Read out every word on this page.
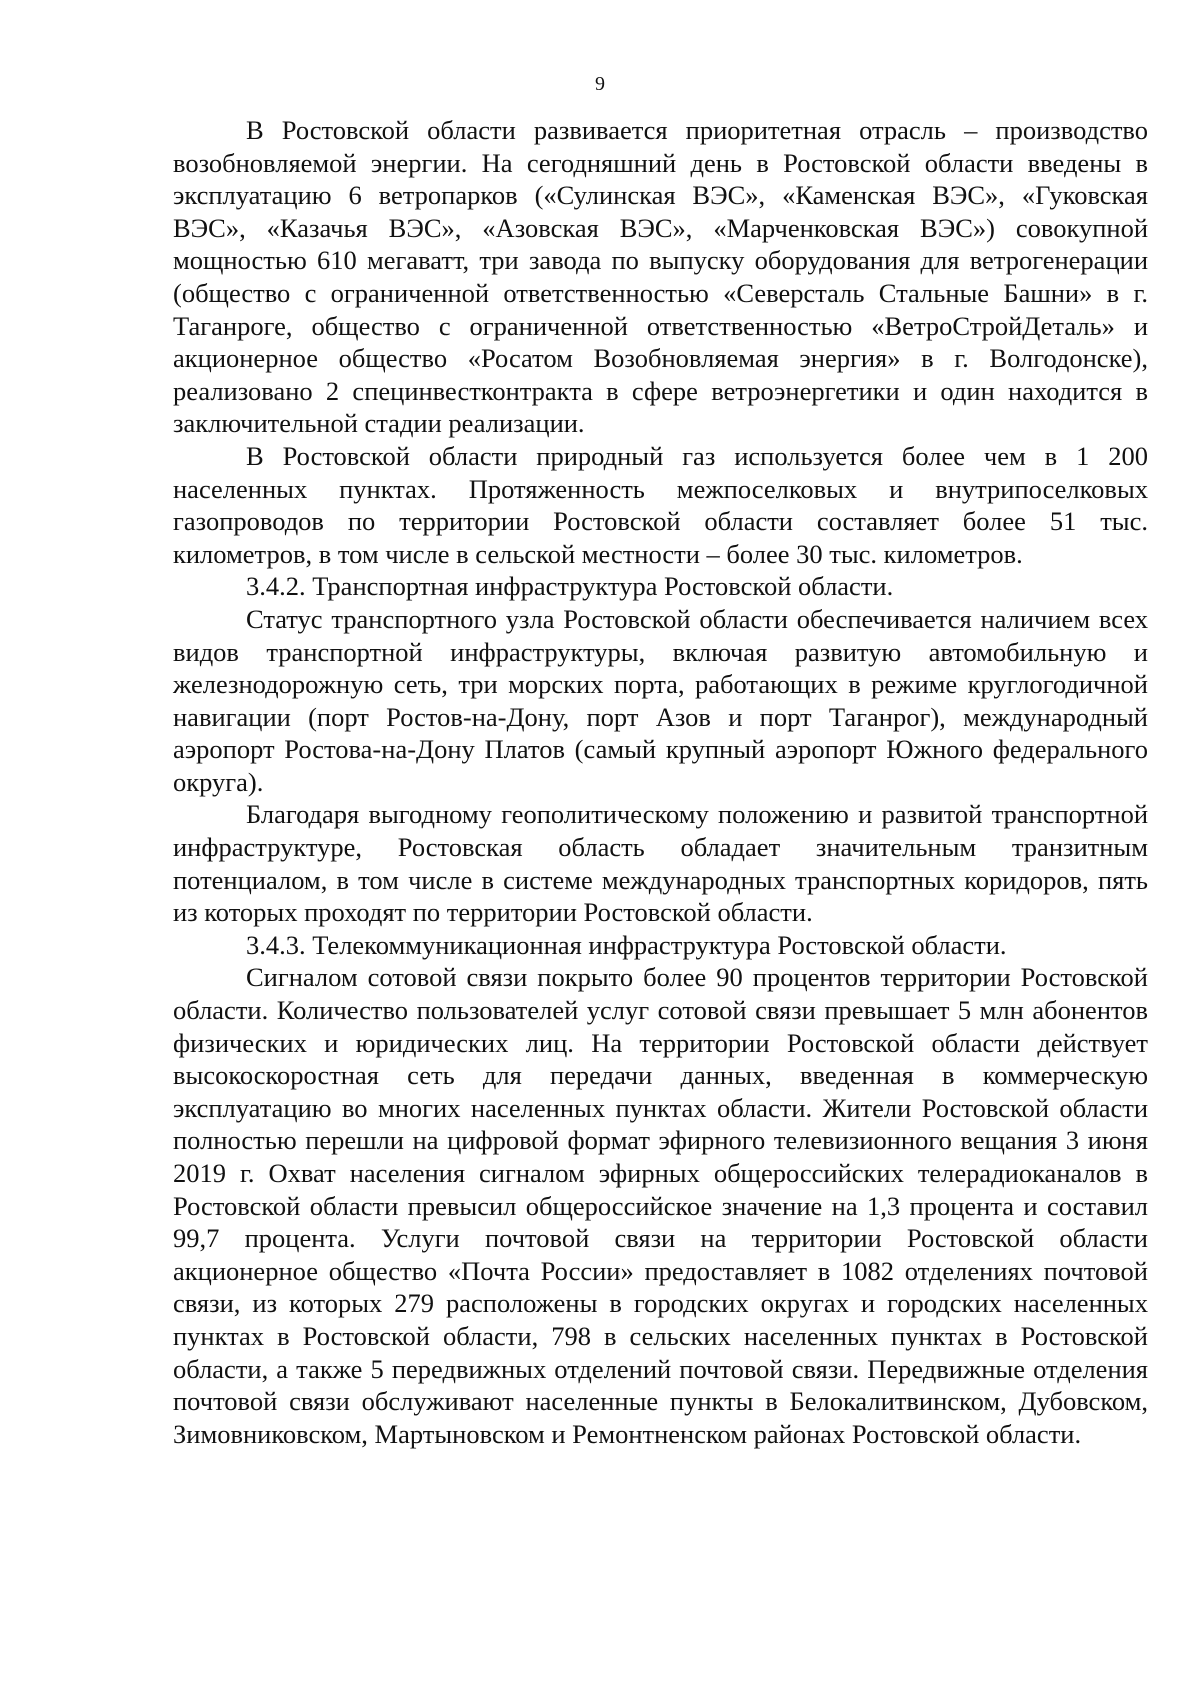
9

В Ростовской области развивается приоритетная отрасль – производство возобновляемой энергии. На сегодняшний день в Ростовской области введены в эксплуатацию 6 ветропарков («Сулинская ВЭС», «Каменская ВЭС», «Гуковская ВЭС», «Казачья ВЭС», «Азовская ВЭС», «Марченковская ВЭС») совокупной мощностью 610 мегаватт, три завода по выпуску оборудования для ветрогенерации (общество с ограниченной ответственностью «Северсталь Стальные Башни» в г. Таганроге, общество с ограниченной ответственностью «ВетроСтройДеталь» и акционерное общество «Росатом Возобновляемая энергия» в г. Волгодонске), реализовано 2 специнвестконтракта в сфере ветроэнергетики и один находится в заключительной стадии реализации.

В Ростовской области природный газ используется более чем в 1 200 населенных пунктах. Протяженность межпоселковых и внутрипоселковых газопроводов по территории Ростовской области составляет более 51 тыс. километров, в том числе в сельской местности – более 30 тыс. километров.

3.4.2. Транспортная инфраструктура Ростовской области.

Статус транспортного узла Ростовской области обеспечивается наличием всех видов транспортной инфраструктуры, включая развитую автомобильную и железнодорожную сеть, три морских порта, работающих в режиме круглогодичной навигации (порт Ростов-на-Дону, порт Азов и порт Таганрог), международный аэропорт Ростова-на-Дону Платов (самый крупный аэропорт Южного федерального округа).

Благодаря выгодному геополитическому положению и развитой транспортной инфраструктуре, Ростовская область обладает значительным транзитным потенциалом, в том числе в системе международных транспортных коридоров, пять из которых проходят по территории Ростовской области.

3.4.3. Телекоммуникационная инфраструктура Ростовской области.

Сигналом сотовой связи покрыто более 90 процентов территории Ростовской области. Количество пользователей услуг сотовой связи превышает 5 млн абонентов физических и юридических лиц. На территории Ростовской области действует высокоскоростная сеть для передачи данных, введенная в коммерческую эксплуатацию во многих населенных пунктах области. Жители Ростовской области полностью перешли на цифровой формат эфирного телевизионного вещания 3 июня 2019 г. Охват населения сигналом эфирных общероссийских телерадиоканалов в Ростовской области превысил общероссийское значение на 1,3 процента и составил 99,7 процента. Услуги почтовой связи на территории Ростовской области акционерное общество «Почта России» предоставляет в 1082 отделениях почтовой связи, из которых 279 расположены в городских округах и городских населенных пунктах в Ростовской области, 798 в сельских населенных пунктах в Ростовской области, а также 5 передвижных отделений почтовой связи. Передвижные отделения почтовой связи обслуживают населенные пункты в Белокалитвинском, Дубовском, Зимовниковском, Мартыновском и Ремонтненском районах Ростовской области.
